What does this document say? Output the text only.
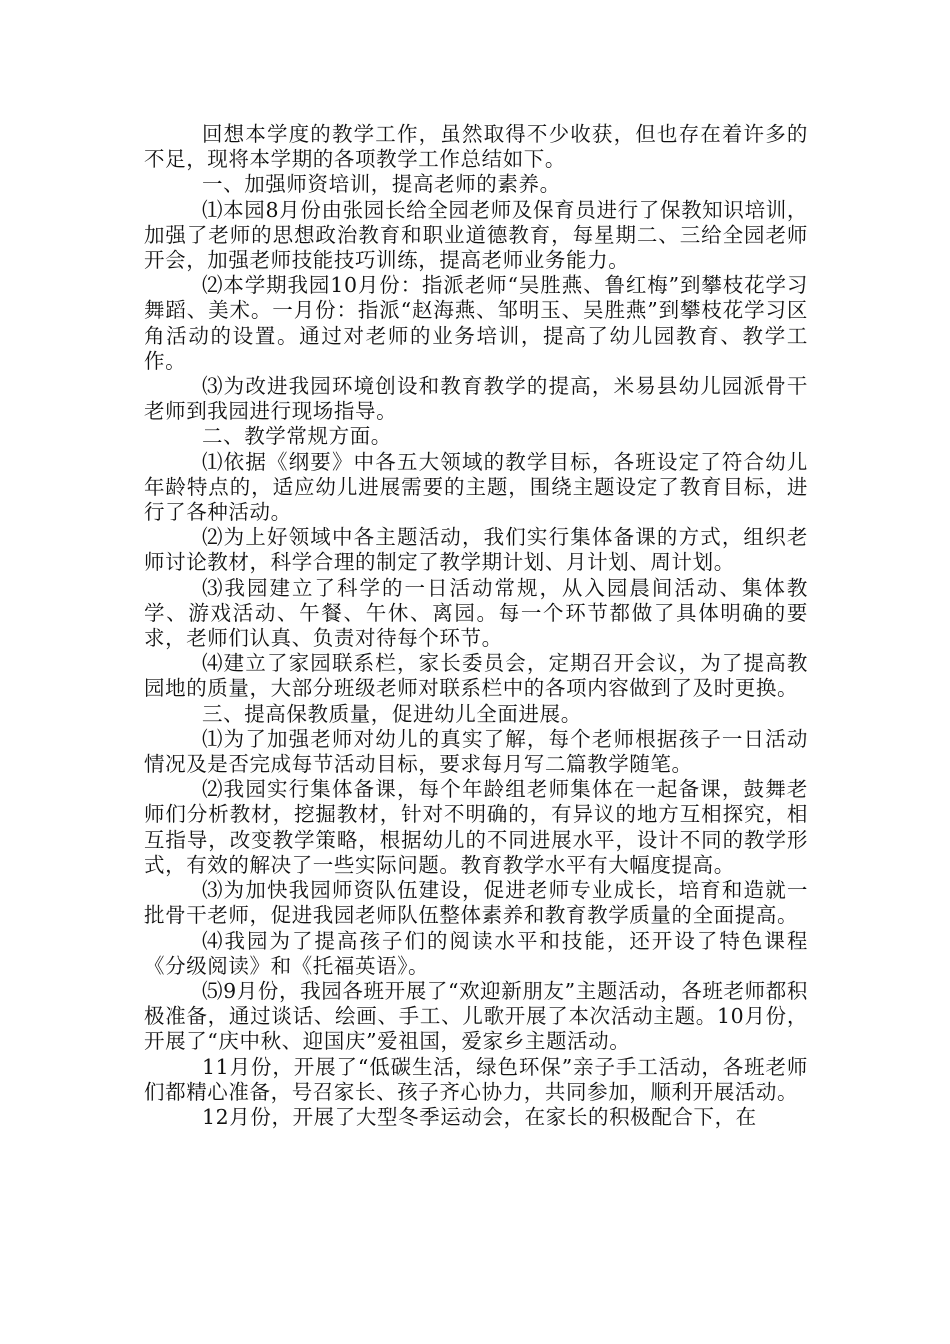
回想本学度的教学工作，虽然取得不少收获，但也存在着许多的不足，现将本学期的各项教学工作总结如下。

一、加强师资培训，提高老师的素养。

⑴本园8月份由张园长给全园老师及保育员进行了保教知识培训，加强了老师的思想政治教育和职业道德教育，每星期二、三给全园老师开会，加强老师技能技巧训练，提高老师业务能力。

⑵本学期我园10月份：指派老师“吴胜燕、鲁红梅”到攀枝花学习舞蹈、美术。一月份：指派“赵海燕、邹明玉、吴胜燕”到攀枝花学习区角活动的设置。通过对老师的业务培训，提高了幼儿园教育、教学工作。

⑶为改进我园环境创设和教育教学的提高，米易县幼儿园派骨干老师到我园进行现场指导。

二、教学常规方面。

⑴依据《纲要》中各五大领域的教学目标，各班设定了符合幼儿年龄特点的，适应幼儿进展需要的主题，围绕主题设定了教育目标，进行了各种活动。

⑵为上好领域中各主题活动，我们实行集体备课的方式，组织老师讨论教材，科学合理的制定了教学期计划、月计划、周计划。

⑶我园建立了科学的一日活动常规，从入园晨间活动、集体教学、游戏活动、午餐、午休、离园。每一个环节都做了具体明确的要求，老师们认真、负责对待每个环节。

⑷建立了家园联系栏，家长委员会，定期召开会议，为了提高教园地的质量，大部分班级老师对联系栏中的各项内容做到了及时更换。

三、提高保教质量，促进幼儿全面进展。

⑴为了加强老师对幼儿的真实了解，每个老师根据孩子一日活动情况及是否完成每节活动目标，要求每月写二篇教学随笔。

⑵我园实行集体备课，每个年龄组老师集体在一起备课，鼓舞老师们分析教材，挖掘教材，针对不明确的，有异议的地方互相探究，相互指导，改变教学策略，根据幼儿的不同进展水平，设计不同的教学形式，有效的解决了一些实际问题。教育教学水平有大幅度提高。

⑶为加快我园师资队伍建设，促进老师专业成长，培育和造就一批骨干老师，促进我园老师队伍整体素养和教育教学质量的全面提高。

⑷我园为了提高孩子们的阅读水平和技能，还开设了特色课程《分级阅读》和《托福英语》。

⑸9月份，我园各班开展了“欢迎新朋友”主题活动，各班老师都积极准备，通过谈话、绘画、手工、儿歌开展了本次活动主题。10月份，开展了“庆中秋、迎国庆”爱祖国，爱家乡主题活动。

11月份，开展了“低碳生活，绿色环保”亲子手工活动，各班老师们都精心准备，号召家长、孩子齐心协力，共同参加，顺利开展活动。

12月份，开展了大型冬季运动会，在家长的积极配合下，在
